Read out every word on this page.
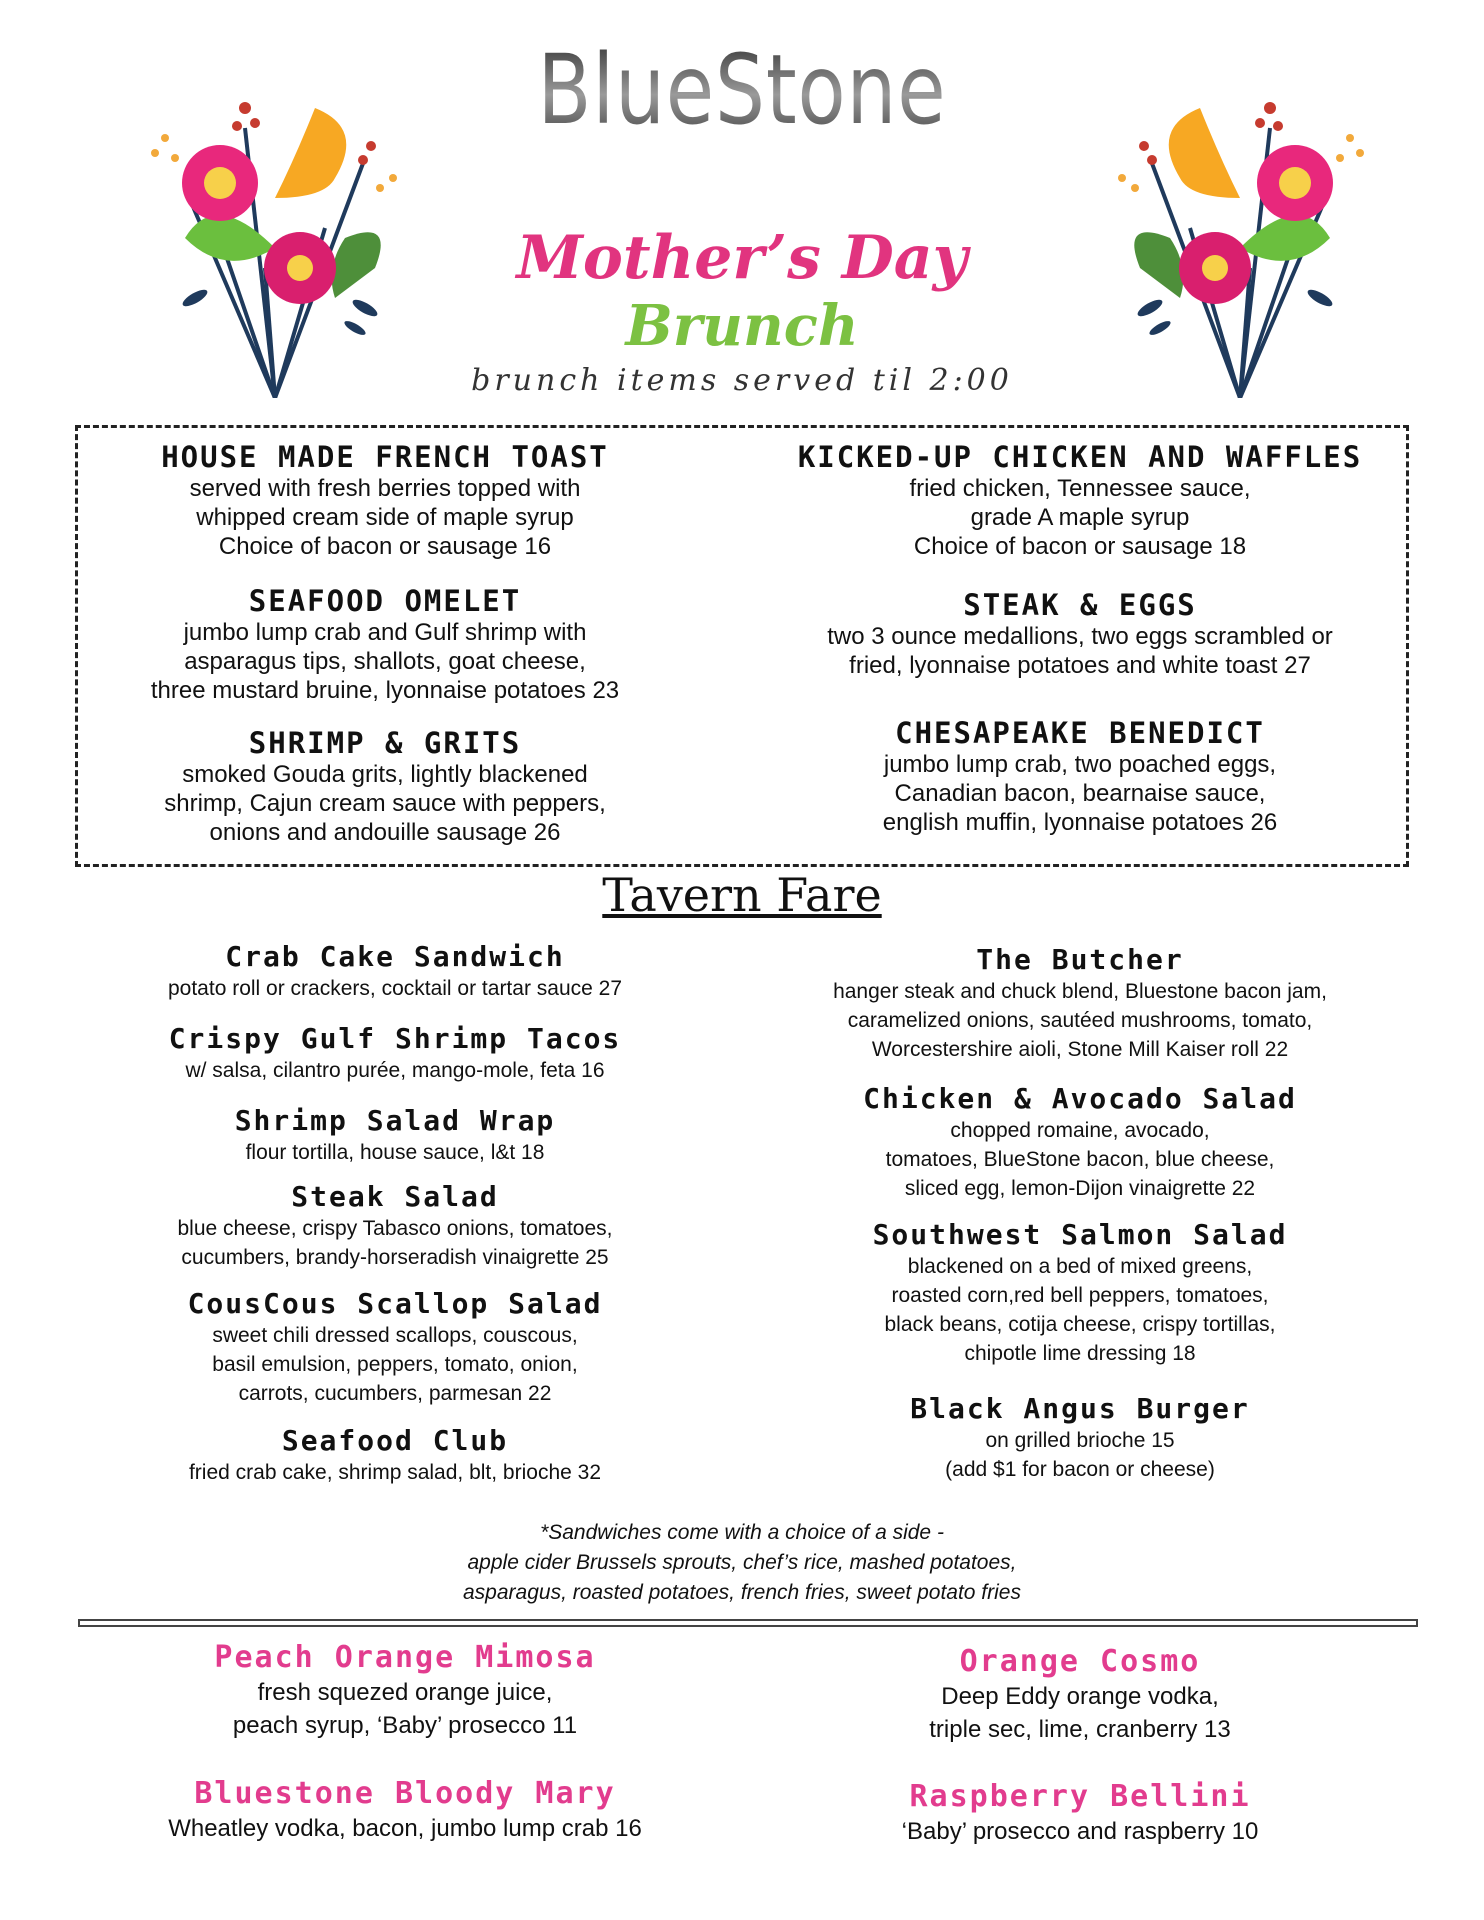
BlueStone
Mother’s Day
Brunch
brunch items served til 2:00
HOUSE MADE FRENCH TOAST
served with fresh berries topped with
whipped cream side of maple syrup
Choice of bacon or sausage 16
SEAFOOD OMELET
jumbo lump crab and Gulf shrimp with
asparagus tips, shallots, goat cheese,
three mustard bruine, lyonnaise potatoes 23
SHRIMP & GRITS
smoked Gouda grits, lightly blackened
shrimp, Cajun cream sauce with peppers,
onions and andouille sausage 26
KICKED-UP CHICKEN AND WAFFLES
fried chicken, Tennessee sauce,
grade A maple syrup
Choice of bacon or sausage 18
STEAK & EGGS
two 3 ounce medallions, two eggs scrambled or
fried, lyonnaise potatoes and white toast 27
CHESAPEAKE BENEDICT
jumbo lump crab, two poached eggs,
Canadian bacon, bearnaise sauce,
english muffin, lyonnaise potatoes 26
Tavern Fare
Crab Cake Sandwich
potato roll or crackers, cocktail or tartar sauce 27
Crispy Gulf Shrimp Tacos
w/ salsa, cilantro purée, mango-mole, feta 16
Shrimp Salad Wrap
flour tortilla, house sauce, l&t 18
Steak Salad
blue cheese, crispy Tabasco onions, tomatoes,
cucumbers, brandy-horseradish vinaigrette 25
CousCous Scallop Salad
sweet chili dressed scallops, couscous,
basil emulsion, peppers, tomato, onion,
carrots, cucumbers, parmesan 22
Seafood Club
fried crab cake, shrimp salad, blt, brioche 32
The Butcher
hanger steak and chuck blend, Bluestone bacon jam,
caramelized onions, sautéed mushrooms, tomato,
Worcestershire aioli, Stone Mill Kaiser roll 22
Chicken & Avocado Salad
chopped romaine, avocado,
tomatoes, BlueStone bacon, blue cheese,
sliced egg, lemon-Dijon vinaigrette 22
Southwest Salmon Salad
blackened on a bed of mixed greens,
roasted corn,red bell peppers, tomatoes,
black beans, cotija cheese, crispy tortillas,
chipotle lime dressing 18
Black Angus Burger
on grilled brioche 15
(add $1 for bacon or cheese)
*Sandwiches come with a choice of a side -
apple cider Brussels sprouts, chef’s rice, mashed potatoes,
asparagus, roasted potatoes, french fries, sweet potato fries
Peach Orange Mimosa
fresh squezed orange juice,
peach syrup, ‘Baby’ prosecco 11
Bluestone Bloody Mary
Wheatley vodka, bacon, jumbo lump crab 16
Orange Cosmo
Deep Eddy orange vodka,
triple sec, lime, cranberry 13
Raspberry Bellini
‘Baby’ prosecco and raspberry 10
